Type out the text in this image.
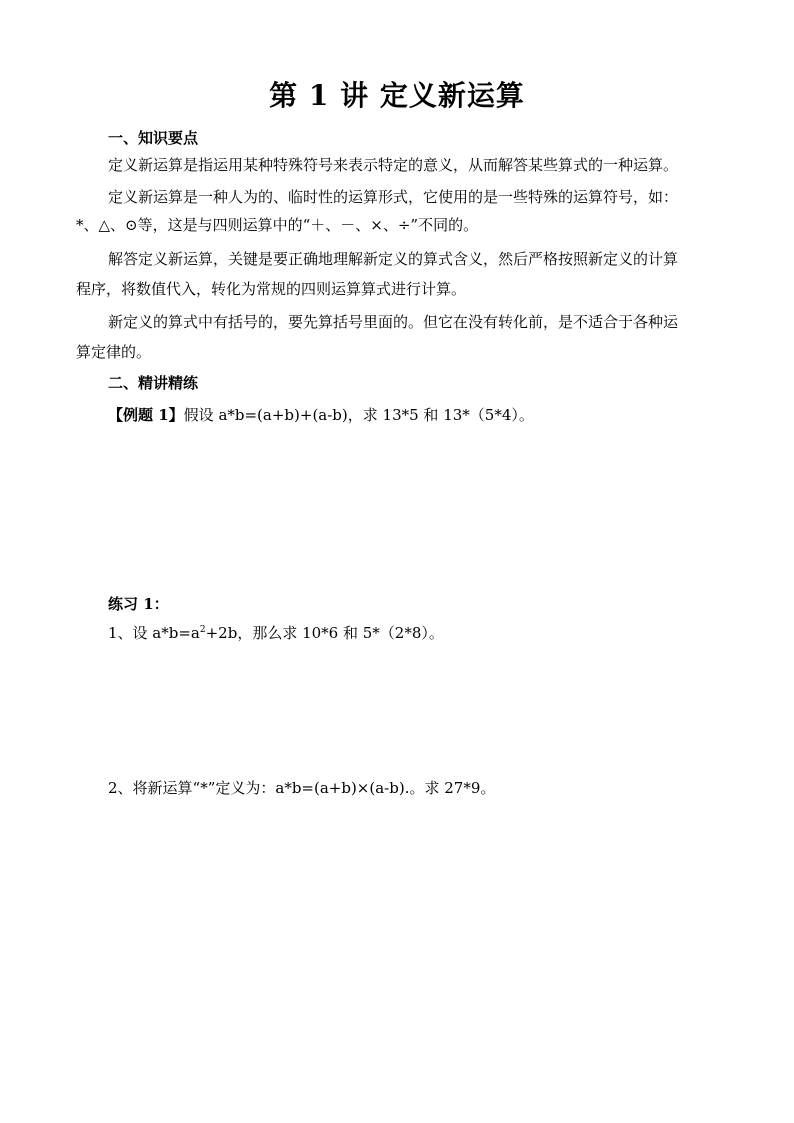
第 1 讲 定义新运算
一、知识要点
定义新运算是指运用某种特殊符号来表示特定的意义，从而解答某些算式的一种运算。
定义新运算是一种人为的、临时性的运算形式，它使用的是一些特殊的运算符号，如：
*、△、⊙等，这是与四则运算中的“＋、－、×、÷”不同的。
解答定义新运算，关键是要正确地理解新定义的算式含义，然后严格按照新定义的计算
程序，将数值代入，转化为常规的四则运算算式进行计算。
新定义的算式中有括号的，要先算括号里面的。但它在没有转化前，是不适合于各种运
算定律的。
二、精讲精练
【例题 1】假设 a*b=(a+b)+(a-b)，求 13*5 和 13*（5*4）。
练习 1：
1、设 $a*b=a^2+2b$，那么求 10*6 和 5*（2*8）。
2、将新运算“*”定义为：a*b=(a+b)×(a-b).。求 27*9。
